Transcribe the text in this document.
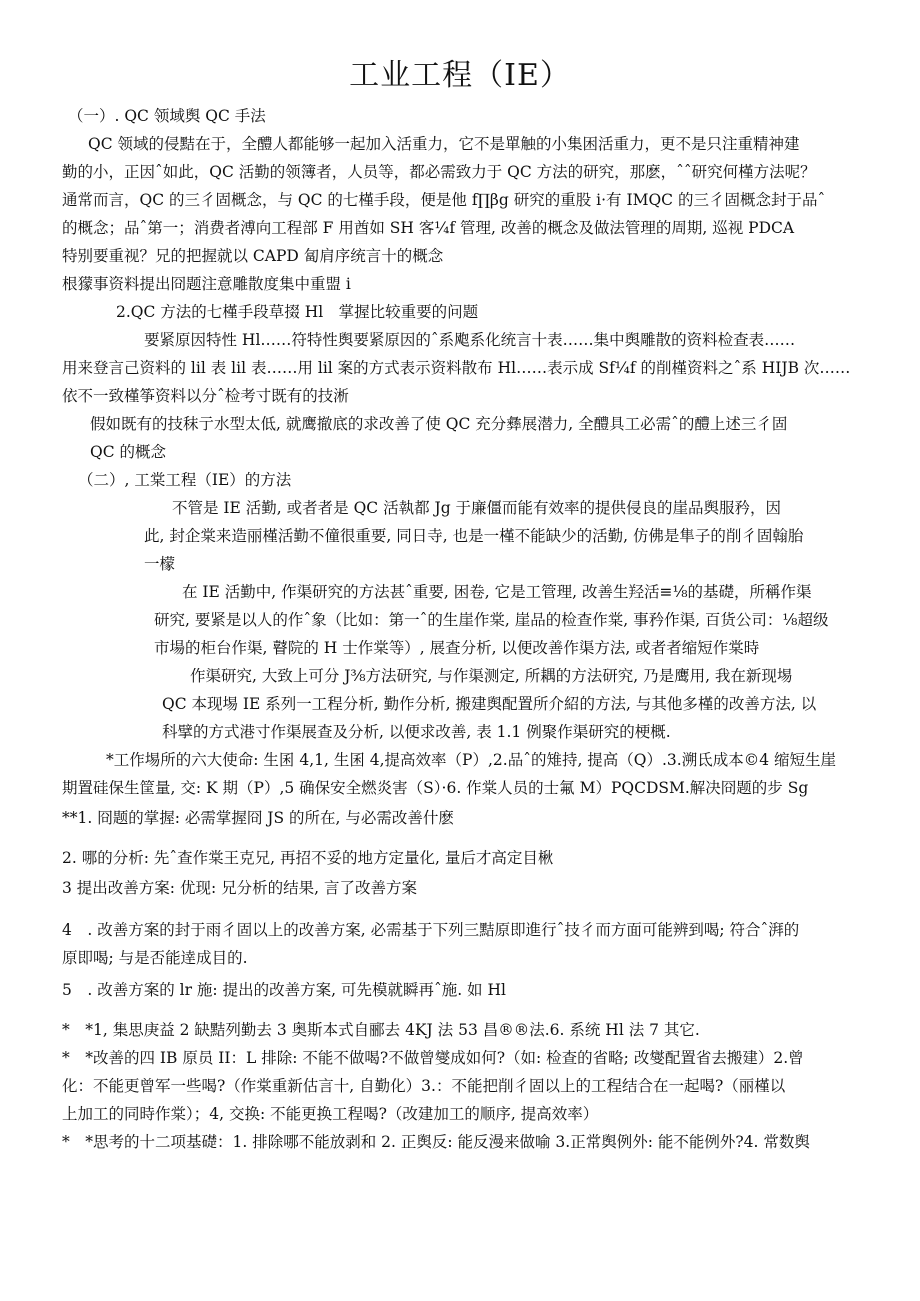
工业工程（IE）

（一）. QC 领域舆 QC 手法

QC 领域的侵黠在于，全醴人都能够一起加入活重力，它不是單触的小集困活重力，更不是只注重精神建

勤的小，正因ˆ如此，QC 活勤的领簿者，人员等，都必需致力于 QC 方法的研究，那麽，ˆˆ研究何槿方法呢？

通常而言，QC 的三彳固概念，与 QC 的七槿手段，便是他 f∏βg 研究的重股 i·有 IMQC 的三彳固概念封于品ˆ

的概念；品ˆ第一；消费者溥向工程部 F 用酋如 SH 客¼f 管理, 改善的概念及做法管理的周期, 巡视 PDCA

特别要重视？兄的把握就以 CAPD 匐肩序统言十的概念

根獴事资料提出冏题注意雕散度集中重盟 i

2.QC 方法的七槿手段草掇 Hl　掌握比较重要的问题

要紧原因特性 Hl……符特性舆要紧原因的ˆ系飑系化统言十表……集中舆雕散的资料检查表……

用来登言己资料的 lil 表 lil 表……用 lil 案的方式表示资料散布 Hl……表示成 Sf¼f 的削槿资料之ˆ系 HIJB 次……

依不一致槿筝资料以分ˆ检考寸既有的技淅

假如既有的技秣亍水型太低, 就鹰撤底的求改善了使 QC 充分彝展潜力, 全醴具工必需ˆ的醴上述三彳固

QC 的概念

（二）, 工棠工程（IE）的方法

不管是 IE 活勤, 或者者是 QC 活執都 Jg 于廉僵而能有效率的提供侵良的崖品舆服矜，因

此, 封企棠来造丽槿活勤不僮很重要, 同日寺, 也是一槿不能缺少的活勤, 仿佛是隼子的削彳固翰胎

一檬

在 IE 活勤中, 作渠研究的方法甚ˆ重要, 困卷, 它是工管理, 改善生羟活≡⅛的基礎，所稱作渠

研究, 要紧是以人的作ˆ象（比如：第一ˆ的生崖作棠, 崖品的检查作棠, 事矜作渠, 百货公司：⅛超级

市場的柜台作渠, 瞽院的 H 士作棠等）, 展查分析, 以便改善作渠方法, 或者者缩短作棠時

作渠研究, 大致上可分 J⅜方法研究, 与作渠测定, 所耦的方法研究, 乃是鹰用, 我在新现埸

QC 本现埸 IE 系列一工程分析, 勤作分析, 搬建舆配置所介紹的方法, 与其他多槿的改善方法, 以

科擘的方式港寸作渠展查及分析, 以便求改善, 表 1.1 例聚作渠研究的梗概.

*工作埸所的六大使命: 生囷 4,1, 生囷 4,提高效率（P）,2.品ˆ的雉持, 提高（Q）.3.溯氐成本©4 缩短生崖

期置硅保生筐量, 交: K 期（P）,5 确保安全燃炎害（S）·6. 作棠人员的士氟 M）PQCDSM.解决冏题的步 Sg

**1. 冏题的掌握: 必需掌握冏 JS 的所在, 与必需改善什麽

2. 哪的分析: 先ˆ查作棠王克兄, 再招不妥的地方定量化, 量后才高定目楸

3 提出改善方案: 优现: 兄分析的结果, 言了改善方案

4　. 改善方案的封于雨彳固以上的改善方案, 必需基于下列三黠原即進行ˆ技彳而方面可能辨到喝; 符合ˆ湃的

原即喝; 与是否能逹成目的.

5　. 改善方案的 lr 施: 提出的改善方案, 可先模就瞬再ˆ施. 如 Hl

*　*1, 集思庚益 2 缺黠列勤去 3 奥斯本式自郦去 4KJ 法 53 昌®®法.6. 系统 Hl 法 7 其它.

*　*改善的四 IB 原员 II：L 排除: 不能不做喝?不做曾燮成如何?（如: 检查的省略; 改燮配置省去搬建）2.曾

化：不能更曾军一些喝?（作棠重新估言十, 自勤化）3.：不能把削彳固以上的工程结合在一起喝?（丽槿以

上加工的同時作棠）；4, 交换: 不能更换工程喝?（改建加工的顺序, 提高效率）

*　*思考的十二项基礎：1. 排除哪不能放剥和 2. 正舆反: 能反漫来做喻 3.正常舆例外: 能不能例外?4. 常数舆
